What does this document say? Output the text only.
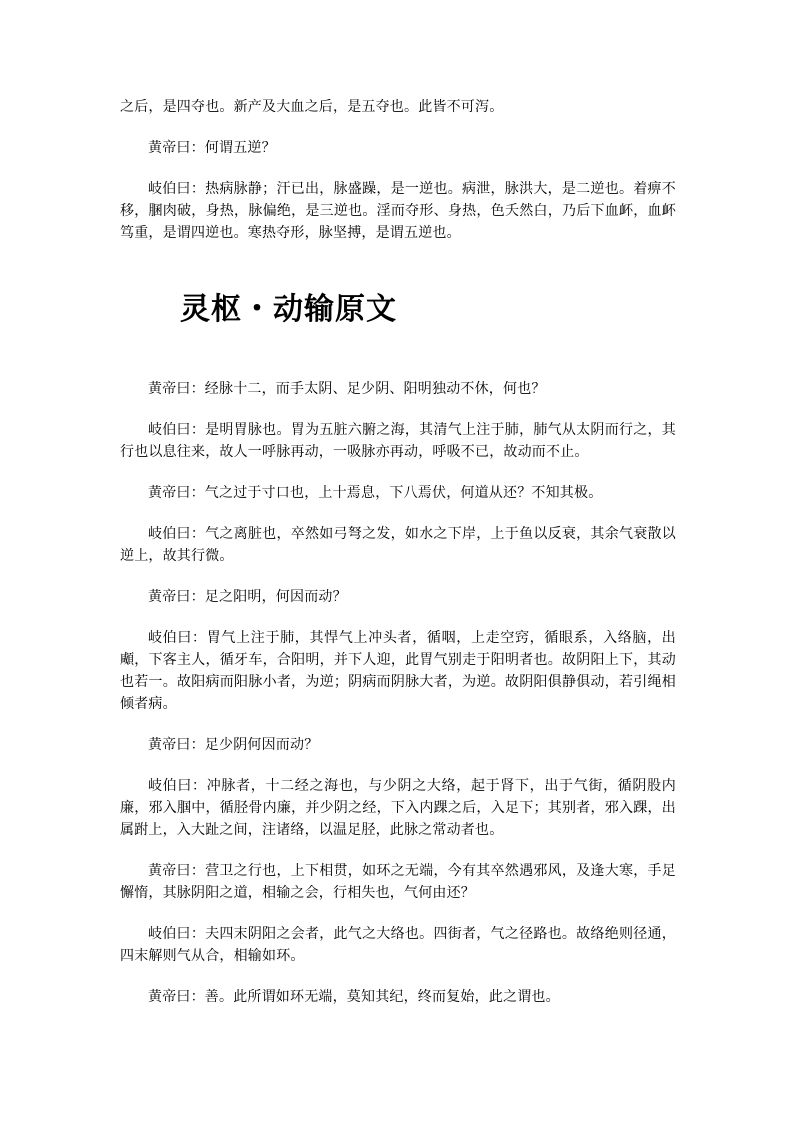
之后，是四夺也。新产及大血之后，是五夺也。此皆不可泻。

黄帝曰：何谓五逆？

岐伯曰：热病脉静；汗已出，脉盛躁，是一逆也。病泄，脉洪大，是二逆也。着痹不移，䐃肉破，身热，脉偏绝，是三逆也。淫而夺形、身热，色夭然白，乃后下血衃，血衃笃重，是谓四逆也。寒热夺形，脉坚搏，是谓五逆也。

灵枢・动输原文

黄帝曰：经脉十二，而手太阴、足少阴、阳明独动不休，何也？

岐伯曰：是明胃脉也。胃为五脏六腑之海，其清气上注于肺，肺气从太阴而行之，其行也以息往来，故人一呼脉再动，一吸脉亦再动，呼吸不已，故动而不止。

黄帝曰：气之过于寸口也，上十焉息，下八焉伏，何道从还？不知其极。

岐伯曰：气之离脏也，卒然如弓弩之发，如水之下岸，上于鱼以反衰，其余气衰散以逆上，故其行微。

黄帝曰：足之阳明，何因而动？

岐伯曰：胃气上注于肺，其悍气上冲头者，循咽，上走空窍，循眼系，入络脑，出顑，下客主人，循牙车，合阳明，并下人迎，此胃气别走于阳明者也。故阴阳上下，其动也若一。故阳病而阳脉小者，为逆；阴病而阴脉大者，为逆。故阴阳俱静俱动，若引绳相倾者病。

黄帝曰：足少阴何因而动？

岐伯曰：冲脉者，十二经之海也，与少阴之大络，起于肾下，出于气街，循阴股内廉，邪入腘中，循胫骨内廉，并少阴之经，下入内踝之后，入足下；其别者，邪入踝，出属跗上，入大趾之间，注诸络，以温足胫，此脉之常动者也。

黄帝曰：营卫之行也，上下相贯，如环之无端，今有其卒然遇邪风，及逢大寒，手足懈惰，其脉阴阳之道，相输之会，行相失也，气何由还？

岐伯曰：夫四末阴阳之会者，此气之大络也。四街者，气之径路也。故络绝则径通，四末解则气从合，相输如环。

黄帝曰：善。此所谓如环无端，莫知其纪，终而复始，此之谓也。
